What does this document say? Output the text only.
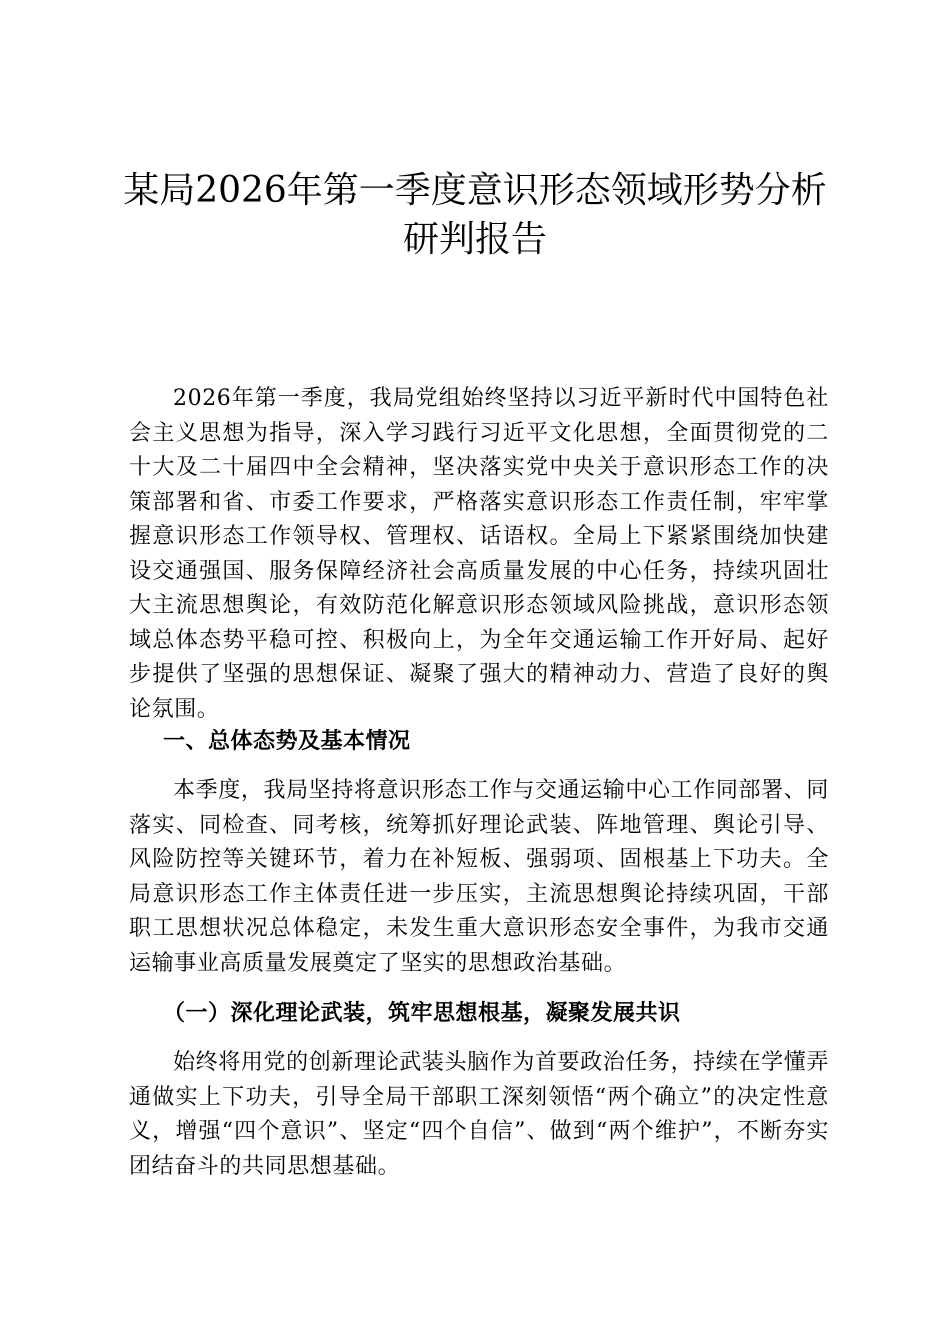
某局2026年第一季度意识形态领域形势分析
研判报告

2026年第一季度，我局党组始终坚持以习近平新时代中国特色社会主义思想为指导，深入学习践行习近平文化思想，全面贯彻党的二十大及二十届四中全会精神，坚决落实党中央关于意识形态工作的决策部署和省、市委工作要求，严格落实意识形态工作责任制，牢牢掌握意识形态工作领导权、管理权、话语权。全局上下紧紧围绕加快建设交通强国、服务保障经济社会高质量发展的中心任务，持续巩固壮大主流思想舆论，有效防范化解意识形态领域风险挑战，意识形态领域总体态势平稳可控、积极向上，为全年交通运输工作开好局、起好步提供了坚强的思想保证、凝聚了强大的精神动力、营造了良好的舆论氛围。

一、总体态势及基本情况

本季度，我局坚持将意识形态工作与交通运输中心工作同部署、同落实、同检查、同考核，统筹抓好理论武装、阵地管理、舆论引导、风险防控等关键环节，着力在补短板、强弱项、固根基上下功夫。全局意识形态工作主体责任进一步压实，主流思想舆论持续巩固，干部职工思想状况总体稳定，未发生重大意识形态安全事件，为我市交通运输事业高质量发展奠定了坚实的思想政治基础。

（一）深化理论武装，筑牢思想根基，凝聚发展共识

始终将用党的创新理论武装头脑作为首要政治任务，持续在学懂弄通做实上下功夫，引导全局干部职工深刻领悟“两个确立”的决定性意义，增强“四个意识”、坚定“四个自信”、做到“两个维护”，不断夯实团结奋斗的共同思想基础。
